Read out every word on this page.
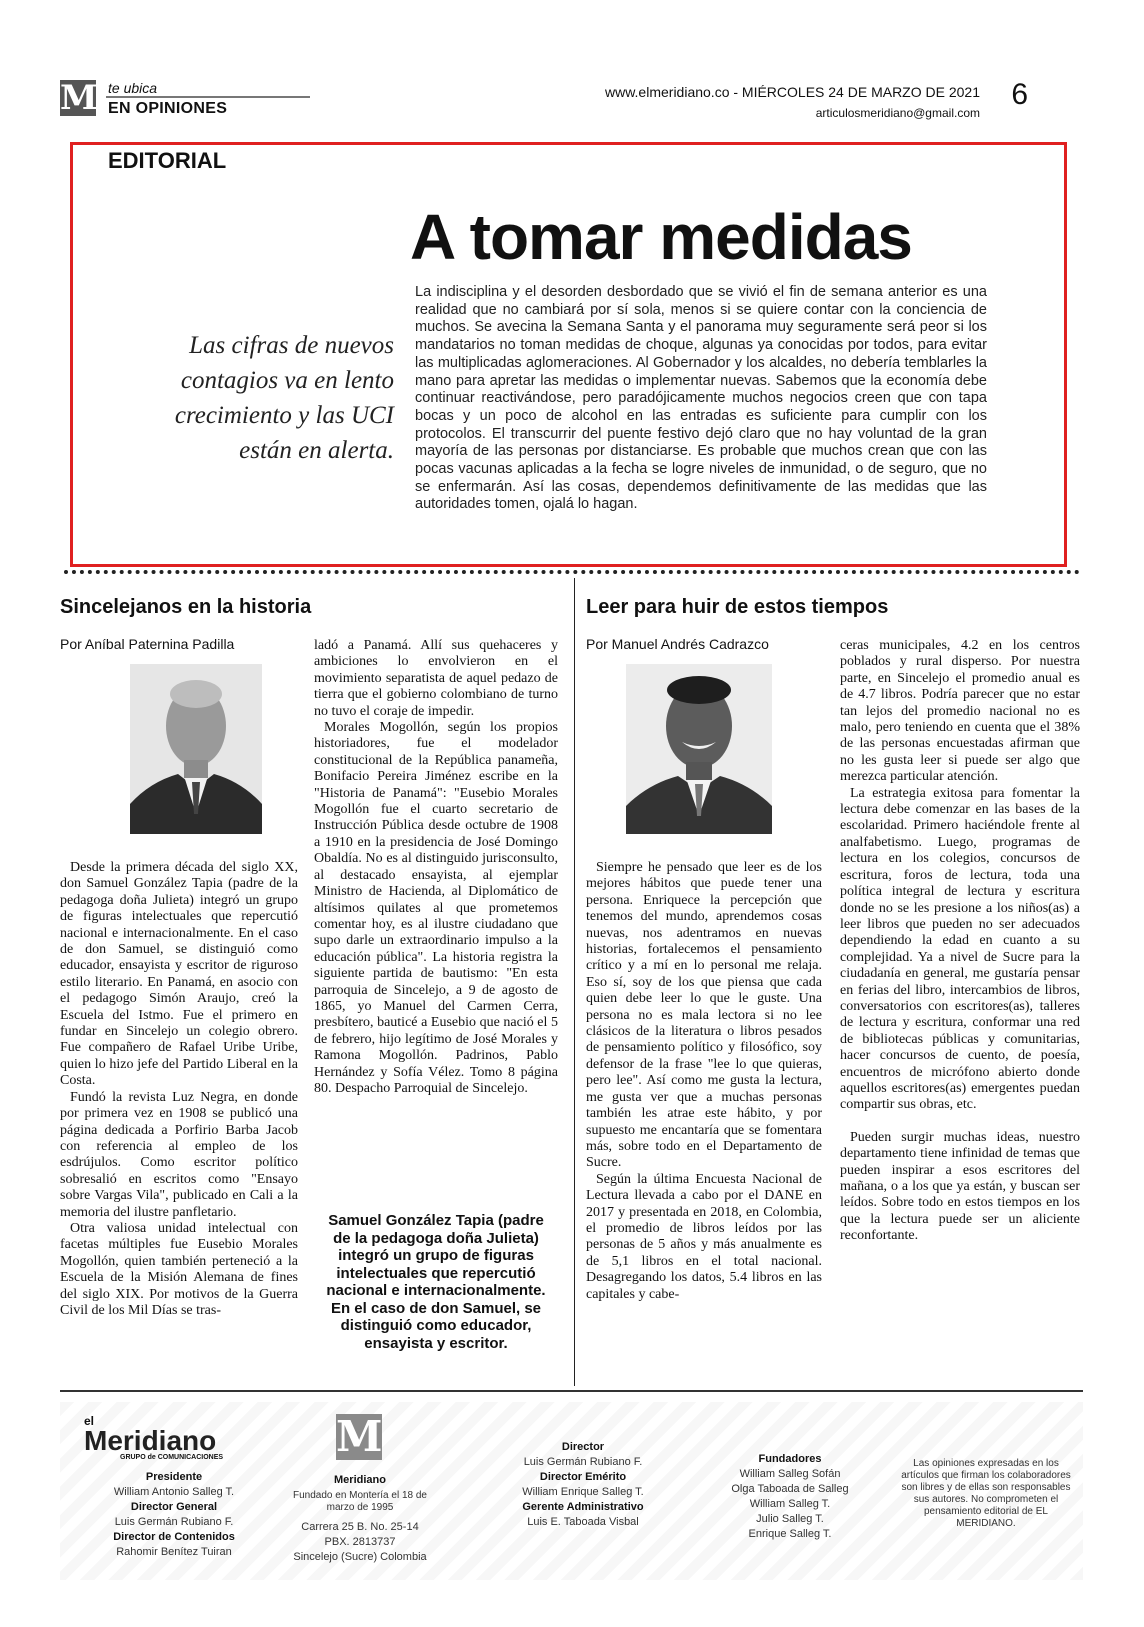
M te ubica
EN OPINIONES
www.elmeridiano.co - MIÉRCOLES 24 DE MARZO DE 2021
articulosmeridiano@gmail.com
6
EDITORIAL
A tomar medidas
Las cifras de nuevos contagios va en lento crecimiento y las UCI están en alerta.
La indisciplina y el desorden desbordado que se vivió el fin de semana anterior es una realidad que no cambiará por sí sola, menos si se quiere contar con la conciencia de muchos. Se avecina la Semana Santa y el panorama muy seguramente será peor si los mandatarios no toman medidas de choque, algunas ya conocidas por todos, para evitar las multiplicadas aglomeraciones. Al Gobernador y los alcaldes, no debería temblarles la mano para apretar las medidas o implementar nuevas. Sabemos que la economía debe continuar reactivándose, pero paradójicamente muchos negocios creen que con tapa bocas y un poco de alcohol en las entradas es suficiente para cumplir con los protocolos. El transcurrir del puente festivo dejó claro que no hay voluntad de la gran mayoría de las personas por distanciarse. Es probable que muchos crean que con las pocas vacunas aplicadas a la fecha se logre niveles de inmunidad, o de seguro, que no se enfermarán. Así las cosas, dependemos definitivamente de las medidas que las autoridades tomen, ojalá lo hagan.
Sincelejanos en la historia
Por Aníbal Paternina Padilla

Desde la primera década del siglo XX, don Samuel González Tapia (padre de la pedagoga doña Julieta) integró un grupo de figuras intelectuales que repercutió nacional e internacionalmente. En el caso de don Samuel, se distinguió como educador, ensayista y escritor de riguroso estilo literario. En Panamá, en asocio con el pedagogo Simón Araujo, creó la Escuela del Istmo. Fue el primero en fundar en Sincelejo un colegio obrero. Fue compañero de Rafael Uribe Uribe, quien lo hizo jefe del Partido Liberal en la Costa.

Fundó la revista Luz Negra, en donde por primera vez en 1908 se publicó una página dedicada a Porfirio Barba Jacob con referencia al empleo de los esdrújulos. Como escritor político sobresalió en escritos como "Ensayo sobre Vargas Vila", publicado en Cali a la memoria del ilustre panfletario.

Otra valiosa unidad intelectual con facetas múltiples fue Eusebio Morales Mogollón, quien también perteneció a la Escuela de la Misión Alemana de fines del siglo XIX. Por motivos de la Guerra Civil de los Mil Días se tras-

ladó a Panamá. Allí sus quehaceres y ambiciones lo envolvieron en el movimiento separatista de aquel pedazo de tierra que el gobierno colombiano de turno no tuvo el coraje de impedir.

Morales Mogollón, según los propios historiadores, fue el modelador constitucional de la República panameña, Bonifacio Pereira Jiménez escribe en la "Historia de Panamá": "Eusebio Morales Mogollón fue el cuarto secretario de Instrucción Pública desde octubre de 1908 a 1910 en la presidencia de José Domingo Obaldía. No es al distinguido jurisconsulto, al destacado ensayista, al ejemplar Ministro de Hacienda, al Diplomático de altísimos quilates al que prometemos comentar hoy, es al ilustre ciudadano que supo darle un extraordinario impulso a la educación pública". La historia registra la siguiente partida de bautismo: "En esta parroquia de Sincelejo, a 9 de agosto de 1865, yo Manuel del Carmen Cerra, presbítero, bauticé a Eusebio que nació el 5 de febrero, hijo legítimo de José Morales y Ramona Mogollón. Padrinos, Pablo Hernández y Sofía Vélez. Tomo 8 página 80. Despacho Parroquial de Sincelejo.

Samuel González Tapia (padre de la pedagoga doña Julieta) integró un grupo de figuras intelectuales que repercutió nacional e internacionalmente. En el caso de don Samuel, se distinguió como educador, ensayista y escritor.
Leer para huir de estos tiempos
Por Manuel Andrés Cadrazco

Siempre he pensado que leer es de los mejores hábitos que puede tener una persona. Enriquece la percepción que tenemos del mundo, aprendemos cosas nuevas, nos adentramos en nuevas historias, fortalecemos el pensamiento crítico y a mí en lo personal me relaja. Eso sí, soy de los que piensa que cada quien debe leer lo que le guste. Una persona no es mala lectora si no lee clásicos de la literatura o libros pesados de pensamiento político y filosófico, soy defensor de la frase "lee lo que quieras, pero lee". Así como me gusta la lectura, me gusta ver que a muchas personas también les atrae este hábito, y por supuesto me encantaría que se fomentara más, sobre todo en el Departamento de Sucre.

Según la última Encuesta Nacional de Lectura llevada a cabo por el DANE en 2017 y presentada en 2018, en Colombia, el promedio de libros leídos por las personas de 5 años y más anualmente es de 5,1 libros en el total nacional. Desagregando los datos, 5.4 libros en las capitales y cabe-

ceras municipales, 4.2 en los centros poblados y rural disperso. Por nuestra parte, en Sincelejo el promedio anual es de 4.7 libros. Podría parecer que no estar tan lejos del promedio nacional no es malo, pero teniendo en cuenta que el 38% de las personas encuestadas afirman que no les gusta leer si puede ser algo que merezca particular atención.

La estrategia exitosa para fomentar la lectura debe comenzar en las bases de la escolaridad. Primero haciéndole frente al analfabetismo. Luego, programas de lectura en los colegios, concursos de escritura, foros de lectura, toda una política integral de lectura y escritura donde no se les presione a los niños(as) a leer libros que pueden no ser adecuados dependiendo la edad en cuanto a su complejidad. Ya a nivel de Sucre para la ciudadanía en general, me gustaría pensar en ferias del libro, intercambios de libros, conversatorios con escritores(as), talleres de lectura y escritura, conformar una red de bibliotecas públicas y comunitarias, hacer concursos de cuento, de poesía, encuentros de micrófono abierto donde aquellos escritores(as) emergentes puedan compartir sus obras, etc.

Pueden surgir muchas ideas, nuestro departamento tiene infinidad de temas que pueden inspirar a esos escritores del mañana, o a los que ya están, y buscan ser leídos. Sobre todo en estos tiempos en los que la lectura puede ser un aliciente reconfortante.

el
Meridiano
GRUPO de COMUNICACIONES
Presidente
William Antonio Salleg T.
Director General
Luis Germán Rubiano F.
Director de Contenidos
Rahomir Benítez Tuiran
M
Meridiano
Fundado en Montería el 18 de marzo de 1995
Carrera 25 B. No. 25-14
PBX. 2813737
Sincelejo (Sucre) Colombia
Director
Luis Germán Rubiano F.
Director Emérito
William Enrique Salleg T.
Gerente Administrativo
Luis E. Taboada Visbal
Fundadores
William Salleg Sofán
Olga Taboada de Salleg
William Salleg T.
Julio Salleg T.
Enrique Salleg T.
Las opiniones expresadas en los artículos que firman los colaboradores son libres y de ellas son responsables sus autores. No comprometen el pensamiento editorial de EL MERIDIANO.
